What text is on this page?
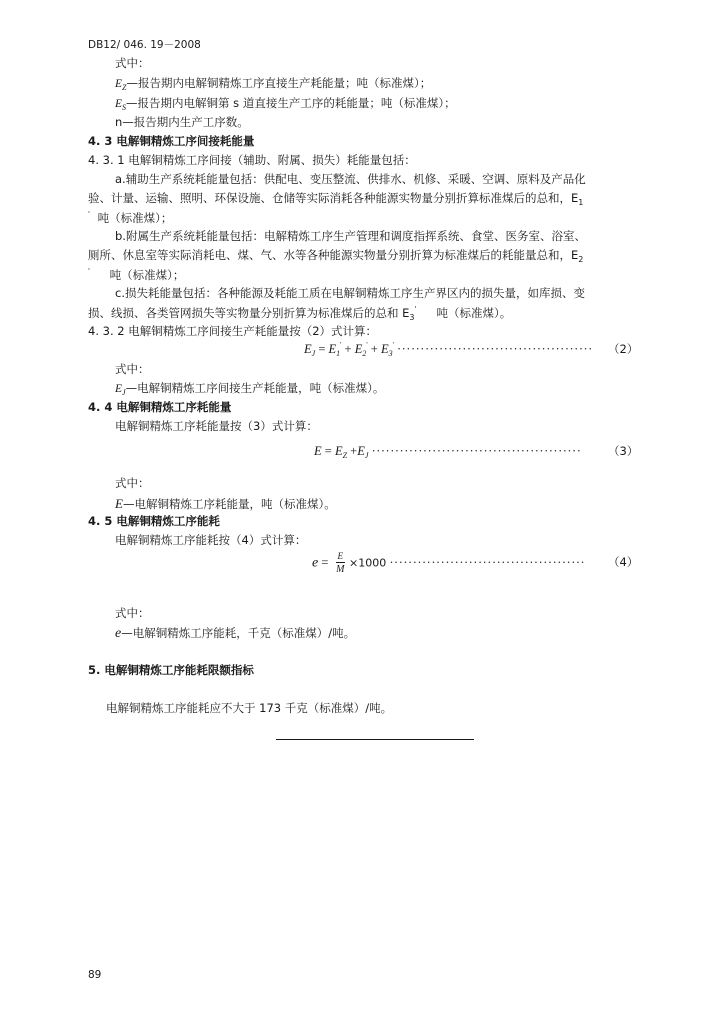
DB12/ 046. 19－2008
式中：
$E_Z—$报告期内电解铜精炼工序直接生产耗能量；吨（标准煤）；
$E_S—$报告期内电解铜第 s 道直接生产工序的耗能量；吨（标准煤）；
n—报告期内生产工序数。
4. 3 电解铜精炼工序间接耗能量
4. 3. 1 电解铜精炼工序间接（辅助、附属、损失）耗能量包括：
a.辅助生产系统耗能量包括：供配电、变压整流、供排水、机修、采暖、空调、原料及产品化
验、计量、运输、照明、环保设施、仓储等实际消耗各种能源实物量分别折算标准煤后的总和，$E_1$
' 吨（标准煤）；
b.附属生产系统耗能量包括：电解精炼工序生产管理和调度指挥系统、食堂、医务室、浴室、
厕所、休息室等实际消耗电、煤、气、水等各种能源实物量分别折算为标准煤后的耗能量总和，$E_2$
' 吨（标准煤）；
c.损失耗能量包括：各种能源及耗能工质在电解铜精炼工序生产界区内的损失量，如库损、变
损、线损、各类管网损失等实物量分别折算为标准煤后的总和 $E_3'$ 吨（标准煤）。
4. 3. 2 电解铜精炼工序间接生产耗能量按（2）式计算：
$E_J = E_1' + E_2' + E_3'$ ·········································· （2）
式中：
$E_J—$电解铜精炼工序间接生产耗能量，吨（标准煤）。
4. 4 电解铜精炼工序耗能量
电解铜精炼工序耗能量按（3）式计算：
$E = E_Z +E_J$ ············································· （3）
式中：
E—电解铜精炼工序耗能量，吨（标准煤）。
4. 5 电解铜精炼工序能耗
电解铜精炼工序能耗按（4）式计算：
$e = \frac{E}{M} \times 1000$ ·········································· （4）
式中：
e—电解铜精炼工序能耗，千克（标准煤）/吨。
5. 电解铜精炼工序能耗限额指标
电解铜精炼工序能耗应不大于 173 千克（标准煤）/吨。
89
